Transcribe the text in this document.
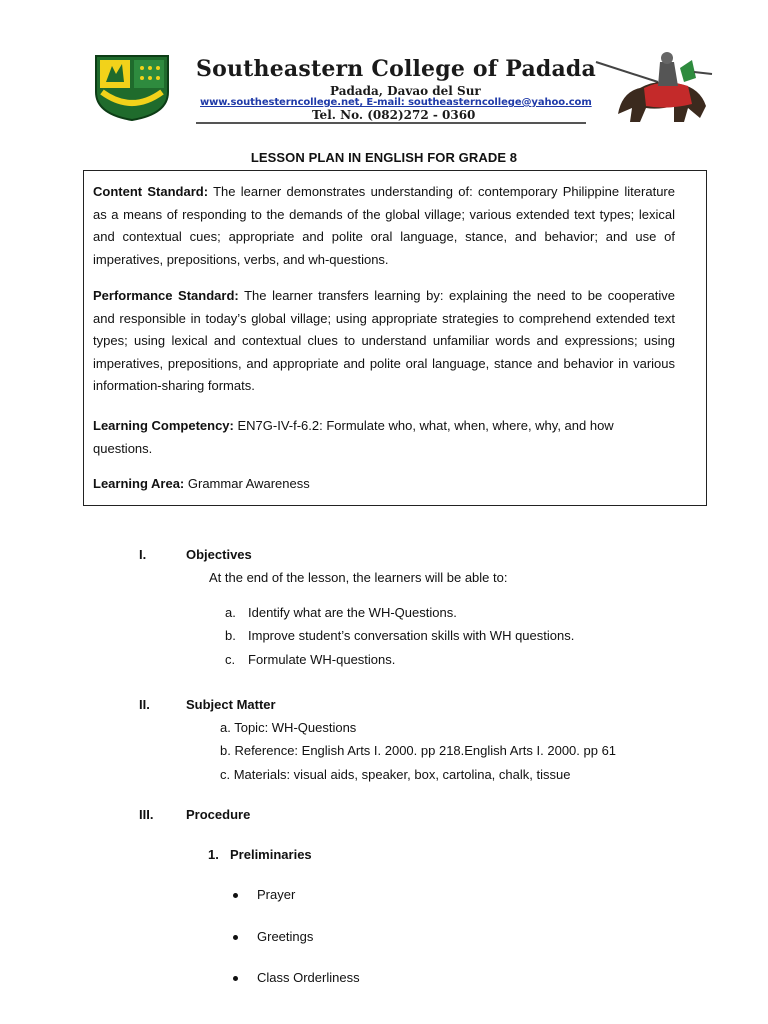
Southeastern College of Padada
Padada, Davao del Sur
www.southesterncollege.net, E-mail: southeasterncollege@yahoo.com
Tel. No. (082)272 - 0360
LESSON PLAN IN ENGLISH FOR GRADE 8
Content Standard: The learner demonstrates understanding of: contemporary Philippine literature as a means of responding to the demands of the global village; various extended text types; lexical and contextual cues; appropriate and polite oral language, stance, and behavior; and use of imperatives, prepositions, verbs, and wh-questions.
Performance Standard: The learner transfers learning by: explaining the need to be cooperative and responsible in today’s global village; using appropriate strategies to comprehend extended text types; using lexical and contextual clues to understand unfamiliar words and expressions; using imperatives, prepositions, and appropriate and polite oral language, stance and behavior in various information-sharing formats.
Learning Competency: EN7G-IV-f-6.2: Formulate who, what, when, where, why, and how questions.
Learning Area: Grammar Awareness
I.	Objectives
At the end of the lesson, the learners will be able to:
a. Identify what are the WH-Questions.
b. Improve student’s conversation skills with WH questions.
c. Formulate WH-questions.
II.	Subject Matter
a. Topic: WH-Questions
b. Reference: English Arts I. 2000. pp 218.English Arts I. 2000. pp 61
c. Materials: visual aids, speaker, box, cartolina, chalk, tissue
III.	Procedure
1. Preliminaries
Prayer
Greetings
Class Orderliness
